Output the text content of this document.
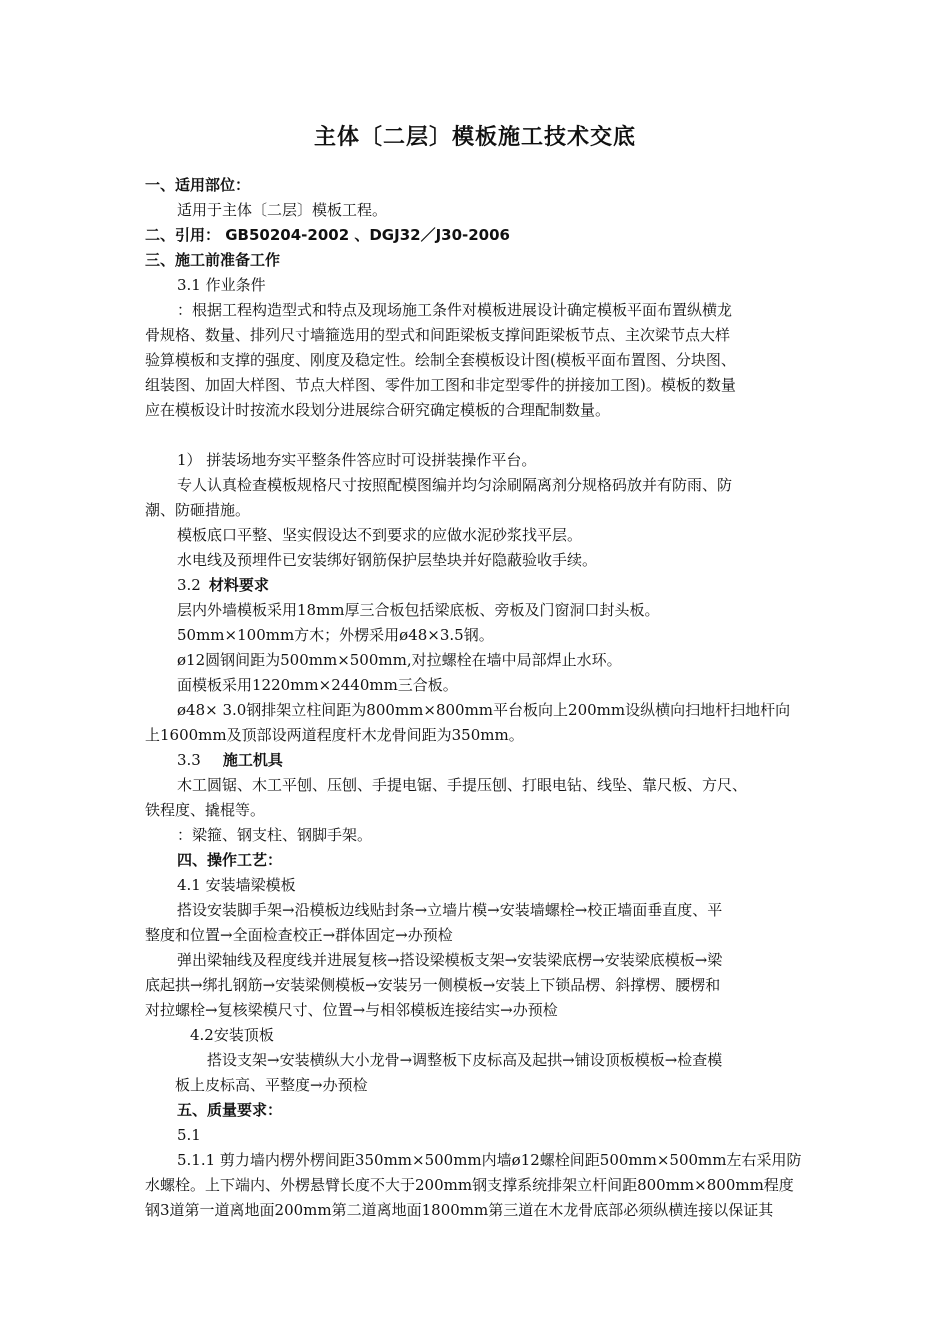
主体〔二层〕模板施工技术交底
一、适用部位：
适用于主体〔二层〕模板工程。
二、引用： GB50204-2002 、DGJ32／J30-2006
三、施工前准备工作
3.1 作业条件
：根据工程构造型式和特点及现场施工条件对模板进展设计确定模板平面布置纵横龙
骨规格、数量、排列尺寸墙箍选用的型式和间距梁板支撑间距梁板节点、主次梁节点大样
验算模板和支撑的强度、刚度及稳定性。绘制全套模板设计图(模板平面布置图、分块图、
组装图、加固大样图、节点大样图、零件加工图和非定型零件的拼接加工图)。模板的数量
应在模板设计时按流水段划分进展综合研究确定模板的合理配制数量。
1） 拼装场地夯实平整条件答应时可设拼装操作平台。
专人认真检查模板规格尺寸按照配模图编并均匀涂刷隔离剂分规格码放并有防雨、防
潮、防砸措施。
模板底口平整、坚实假设达不到要求的应做水泥砂浆找平层。
水电线及预埋件已安装绑好钢筋保护层垫块并好隐蔽验收手续。
3.2 材料要求
层内外墙模板采用18mm厚三合板包括梁底板、旁板及门窗洞口封头板。
50mm×100mm方木；外楞采用ø48×3.5钢。
ø12圆钢间距为500mm×500mm,对拉螺栓在墙中局部焊止水环。
面模板采用1220mm×2440mm三合板。
ø48× 3.0钢排架立柱间距为800mm×800mm平台板向上200mm设纵横向扫地杆扫地杆向
上1600mm及顶部设两道程度杆木龙骨间距为350mm。
3.3 施工机具
木工圆锯、木工平刨、压刨、手提电锯、手提压刨、打眼电钻、线坠、靠尺板、方尺、
铁程度、撬棍等。
：梁箍、钢支柱、钢脚手架。
四、操作工艺：
4.1 安装墙梁模板
搭设安装脚手架→沿模板边线贴封条→立墙片模→安装墙螺栓→校正墙面垂直度、平
整度和位置→全面检查校正→群体固定→办预检
弹出梁轴线及程度线并进展复核→搭设梁模板支架→安装梁底楞→安装梁底模板→梁
底起拱→绑扎钢筋→安装梁侧模板→安装另一侧模板→安装上下锁品楞、斜撑楞、腰楞和
对拉螺栓→复核梁模尺寸、位置→与相邻模板连接结实→办预检
4.2安装顶板
搭设支架→安装横纵大小龙骨→调整板下皮标高及起拱→铺设顶板模板→检查模
板上皮标高、平整度→办预检
五、质量要求：
5.1
5.1.1 剪力墙内楞外楞间距350mm×500mm内墙ø12螺栓间距500mm×500mm左右采用防
水螺栓。上下端内、外楞悬臂长度不大于200mm钢支撑系统排架立杆间距800mm×800mm程度
钢3道第一道离地面200mm第二道离地面1800mm第三道在木龙骨底部必须纵横连接以保证其
